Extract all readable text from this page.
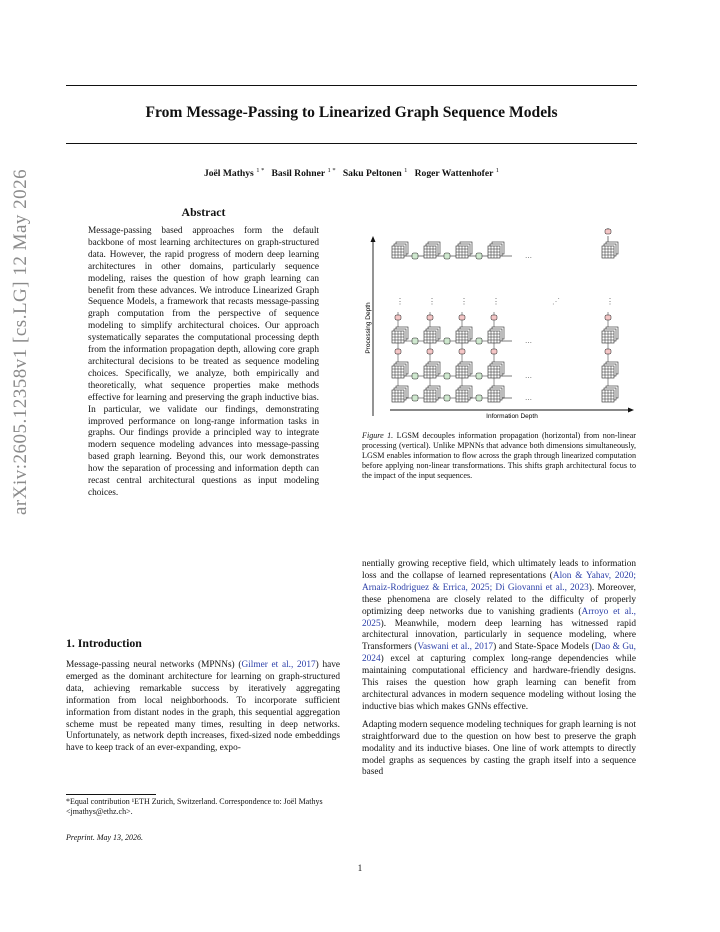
arXiv:2605.12358v1 [cs.LG] 12 May 2026
From Message-Passing to Linearized Graph Sequence Models
Joël Mathys $^{1 *}$ Basil Rohner $^{1 *}$ Saku Peltonen $^1$ Roger Wattenhofer $^1$
Abstract
Message-passing based approaches form the default backbone of most learning architectures on graph-structured data. However, the rapid progress of modern deep learning architectures in other domains, particularly sequence modeling, raises the question of how graph learning can benefit from these advances. We introduce Linearized Graph Sequence Models, a framework that recasts message-passing graph computation from the perspective of sequence modeling to simplify architectural choices. Our approach systematically separates the computational processing depth from the information propagation depth, allowing core graph architectural decisions to be treated as sequence modeling choices. Specifically, we analyze, both empirically and theoretically, what sequence properties make methods effective for learning and preserving the graph inductive bias. In particular, we validate our findings, demonstrating improved performance on long-range information tasks in graphs. Our findings provide a principled way to integrate modern sequence modeling advances into message-passing based graph learning. Beyond this, our work demonstrates how the separation of processing and information depth can recast central architectural questions as input modeling choices.
1. Introduction
Message-passing neural networks (MPNNs) (Gilmer et al., 2017) have emerged as the dominant architecture for learning on graph-structured data, achieving remarkable success by iteratively aggregating information from local neighborhoods. To incorporate sufficient information from distant nodes in the graph, this sequential aggregation scheme must be repeated many times, resulting in deep networks. Unfortunately, as network depth increases, fixed-sized node embeddings have to keep track of an ever-expanding, expo-
*Equal contribution ¹ETH Zurich, Switzerland. Correspondence to: Joël Mathys <jmathys@ethz.ch>.
Preprint. May 13, 2026.
Processing Depth
Information Depth
…
⋮	⋮	⋮	⋮	⋮
⋰
…
…
…
Figure 1. LGSM decouples information propagation (horizontal) from non-linear processing (vertical). Unlike MPNNs that advance both dimensions simultaneously, LGSM enables information to flow across the graph through linearized computation before applying non-linear transformations. This shifts graph architectural focus to the impact of the input sequences.
nentially growing receptive field, which ultimately leads to information loss and the collapse of learned representations (Alon & Yahav, 2020; Arnaiz-Rodriguez & Errica, 2025; Di Giovanni et al., 2023). Moreover, these phenomena are closely related to the difficulty of properly optimizing deep networks due to vanishing gradients (Arroyo et al., 2025). Meanwhile, modern deep learning has witnessed rapid architectural innovation, particularly in sequence modeling, where Transformers (Vaswani et al., 2017) and State-Space Models (Dao & Gu, 2024) excel at capturing complex long-range dependencies while maintaining computational efficiency and hardware-friendly designs. This raises the question how graph learning can benefit from architectural advances in modern sequence modeling without losing the inductive bias which makes GNNs effective.
Adapting modern sequence modeling techniques for graph learning is not straightforward due to the question on how best to preserve the graph modality and its inductive biases. One line of work attempts to directly model graphs as sequences by casting the graph itself into a sequence based
1
